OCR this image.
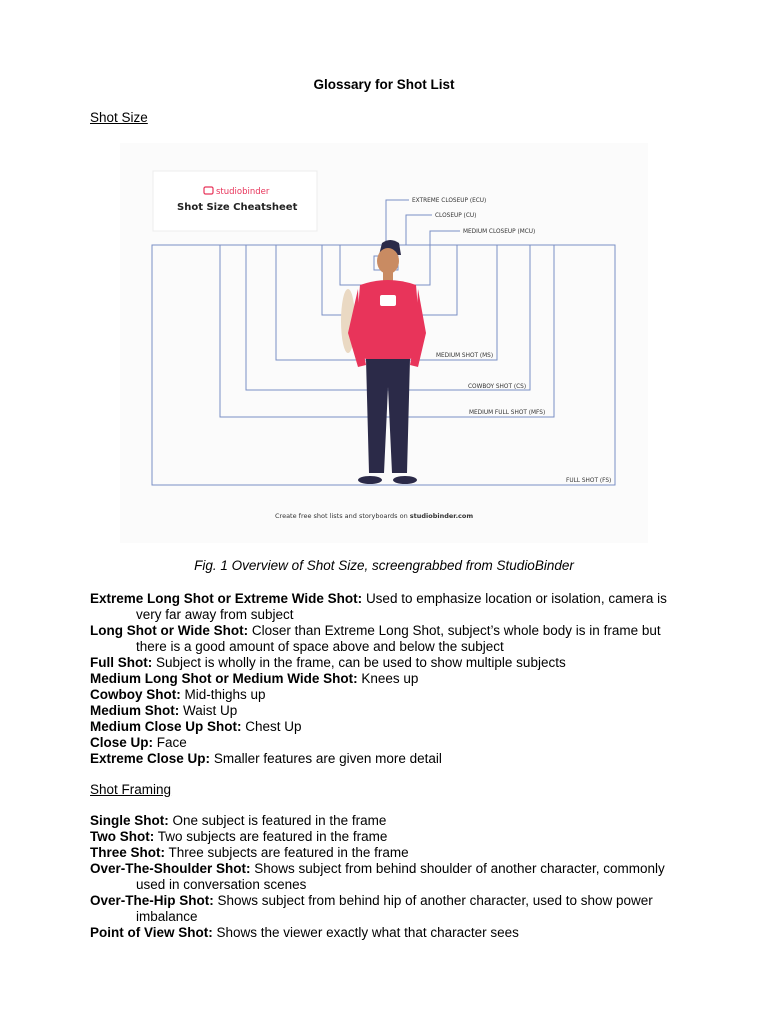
Glossary for Shot List
Shot Size
studiobinder
Shot Size Cheatsheet
EXTREME CLOSEUP (ECU)
CLOSEUP (CU)
MEDIUM CLOSEUP (MCU)
MEDIUM SHOT (MS)
COWBOY SHOT (CS)
MEDIUM FULL SHOT (MFS)
FULL SHOT (FS)
Create free shot lists and storyboards on studiobinder.com
Fig. 1 Overview of Shot Size, screengrabbed from StudioBinder

Extreme Long Shot or Extreme Wide Shot: Used to emphasize location or isolation, camera is very far away from subject

Long Shot or Wide Shot: Closer than Extreme Long Shot, subject’s whole body is in frame but there is a good amount of space above and below the subject

Full Shot: Subject is wholly in the frame, can be used to show multiple subjects

Medium Long Shot or Medium Wide Shot: Knees up

Cowboy Shot: Mid-thighs up

Medium Shot: Waist Up

Medium Close Up Shot: Chest Up

Close Up: Face

Extreme Close Up: Smaller features are given more detail

Shot Framing

Single Shot: One subject is featured in the frame

Two Shot: Two subjects are featured in the frame

Three Shot: Three subjects are featured in the frame

Over-The-Shoulder Shot: Shows subject from behind shoulder of another character, commonly used in conversation scenes

Over-The-Hip Shot: Shows subject from behind hip of another character, used to show power imbalance

Point of View Shot: Shows the viewer exactly what that character sees
